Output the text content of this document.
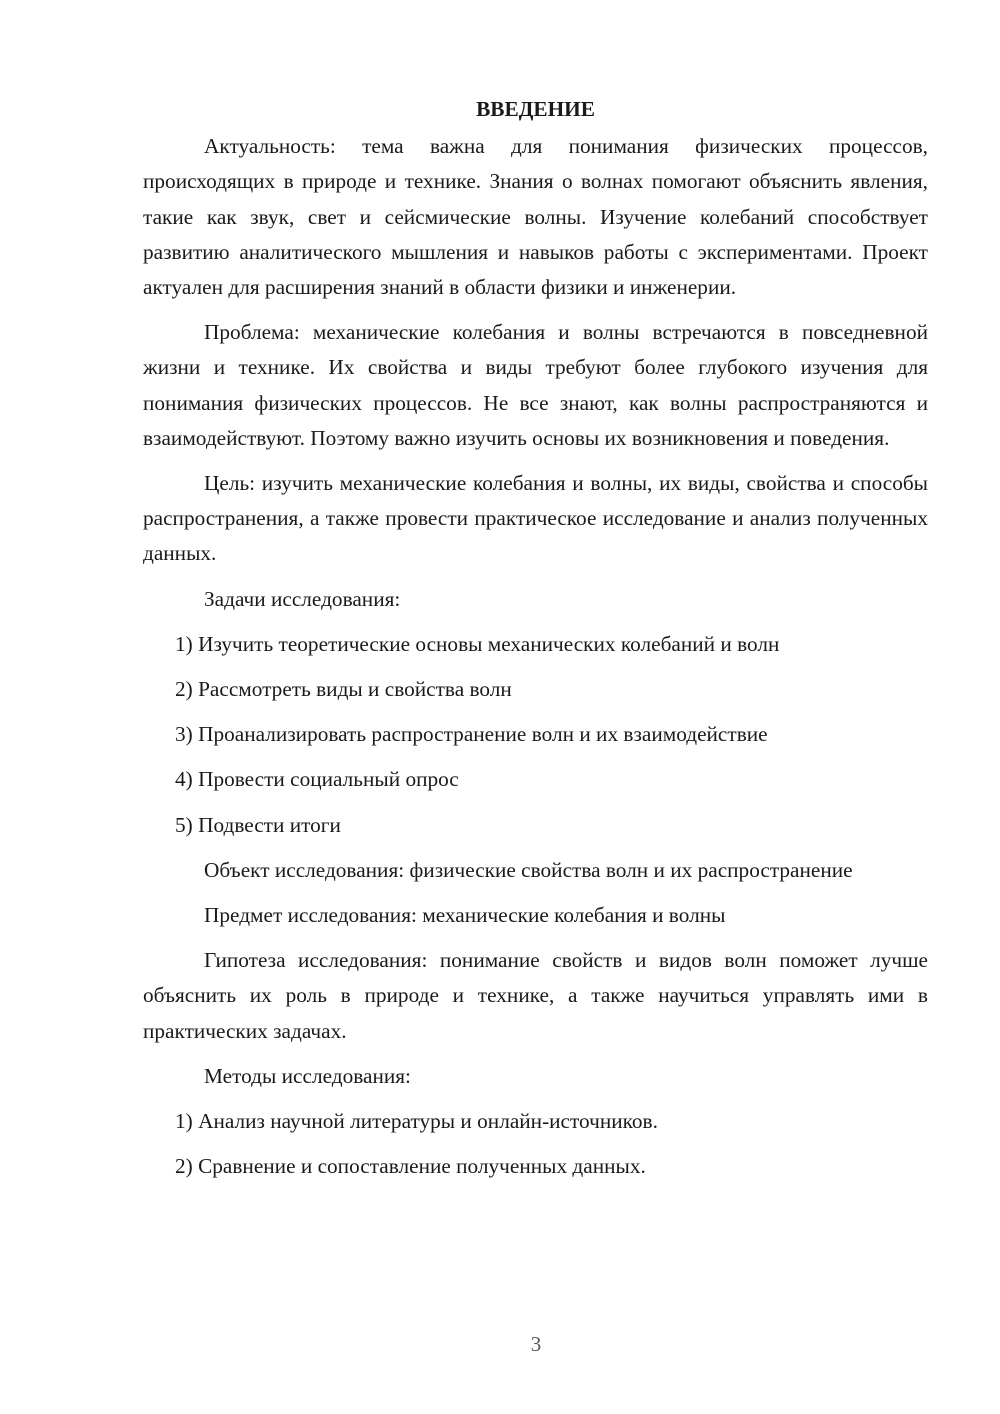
ВВЕДЕНИЕ

Актуальность: тема важна для понимания физических процессов, происходящих в природе и технике. Знания о волнах помогают объяснить явления, такие как звук, свет и сейсмические волны. Изучение колебаний способствует развитию аналитического мышления и навыков работы с экспериментами. Проект актуален для расширения знаний в области физики и инженерии.

Проблема: механические колебания и волны встречаются в повседневной жизни и технике. Их свойства и виды требуют более глубокого изучения для понимания физических процессов. Не все знают, как волны распространяются и взаимодействуют. Поэтому важно изучить основы их возникновения и поведения.

Цель: изучить механические колебания и волны, их виды, свойства и способы распространения, а также провести практическое исследование и анализ полученных данных.

Задачи исследования:

1) Изучить теоретические основы механических колебаний и волн
2) Рассмотреть виды и свойства волн
3) Проанализировать распространение волн и их взаимодействие
4) Провести социальный опрос
5) Подвести итоги

Объект исследования: физические свойства волн и их распространение

Предмет исследования: механические колебания и волны

Гипотеза исследования: понимание свойств и видов волн поможет лучше объяснить их роль в природе и технике, а также научиться управлять ими в практических задачах.

Методы исследования:

1) Анализ научной литературы и онлайн-источников.
2) Сравнение и сопоставление полученных данных.
3
